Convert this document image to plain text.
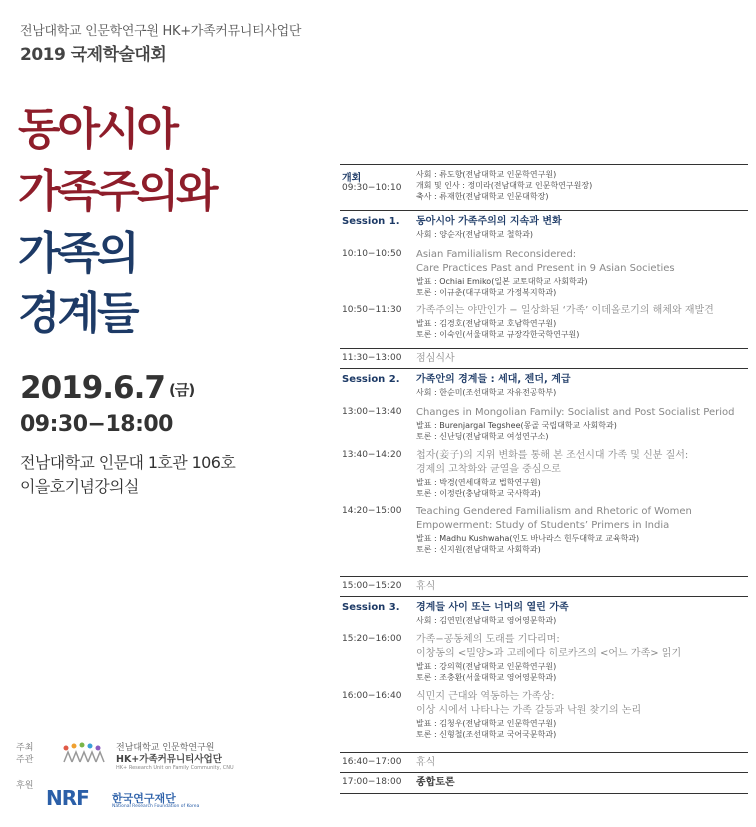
전남대학교 인문학연구원 HK+가족커뮤니티사업단
2019 국제학술대회
동아시아
가족주의와
가족의
경계들
2019.6.7 (금)
09:30−18:00
전남대학교 인문대 1호관 106호
이을호기념강의실
주최
주관
전남대학교 인문학연구원
HK+가족커뮤니티사업단
HK+ Research Unit on Family Community, CNU
후원 NRF 한국연구재단
National Research Foundation of Korea
개회
09:30−10:10
사회 : 류도향(전남대학교 인문학연구원)
개회 및 인사 : 정미라(전남대학교 인문학연구원장)
축사 : 류재한(전남대학교 인문대학장)
Session 1. 동아시아 가족주의의 지속과 변화
사회 : 양순자(전남대학교 철학과)
10:10−10:50 Asian Familialism Reconsidered:
Care Practices Past and Present in 9 Asian Societies
발표 : Ochiai Emiko(일본 교토대학교 사회학과)
토론 : 이규춘(대구대학교 가정복지학과)
10:50−11:30 가족주의는 야만인가 − 일상화된 ‘가족’ 이데올로기의 해체와 재발견
발표 : 김경호(전남대학교 호남학연구원)
토론 : 이숙인(서울대학교 규장각한국학연구원)
11:30−13:00 점심식사
Session 2. 가족안의 경계들 : 세대, 젠더, 계급
사회 : 한순미(조선대학교 자유전공학부)
13:00−13:40 Changes in Mongolian Family: Socialist and Post Socialist Period
발표 : Burenjargal Tegshee(몽골 국립대학교 사회학과)
토론 : 신난딩(전남대학교 여성연구소)
13:40−14:20 첩자(妾子)의 지위 변화를 통해 본 조선시대 가족 및 신분 질서:
경제의 고착화와 균열을 중심으로
발표 : 박경(연세대학교 법학연구원)
토론 : 이정란(충남대학교 국사학과)
14:20−15:00 Teaching Gendered Familialism and Rhetoric of Women
Empowerment: Study of Students’ Primers in India
발표 : Madhu Kushwaha(인도 바나라스 힌두대학교 교육학과)
토론 : 신지원(전남대학교 사회학과)
15:00−15:20 휴식
Session 3. 경계들 사이 또는 너머의 열린 가족
사회 : 김연민(전남대학교 영어영문학과)
15:20−16:00 가족−공동체의 도래를 기다리며:
이창동의 <밀양>과 고레에다 히로카즈의 <어느 가족> 읽기
발표 : 강의혁(전남대학교 인문학연구원)
토론 : 조충환(서울대학교 영어영문학과)
16:00−16:40 식민지 근대와 역동하는 가족상:
이상 시에서 나타나는 가족 갈등과 낙원 찾기의 논리
발표 : 김청우(전남대학교 인문학연구원)
토론 : 신형철(조선대학교 국어국문학과)
16:40−17:00 휴식
17:00−18:00 종합토론
